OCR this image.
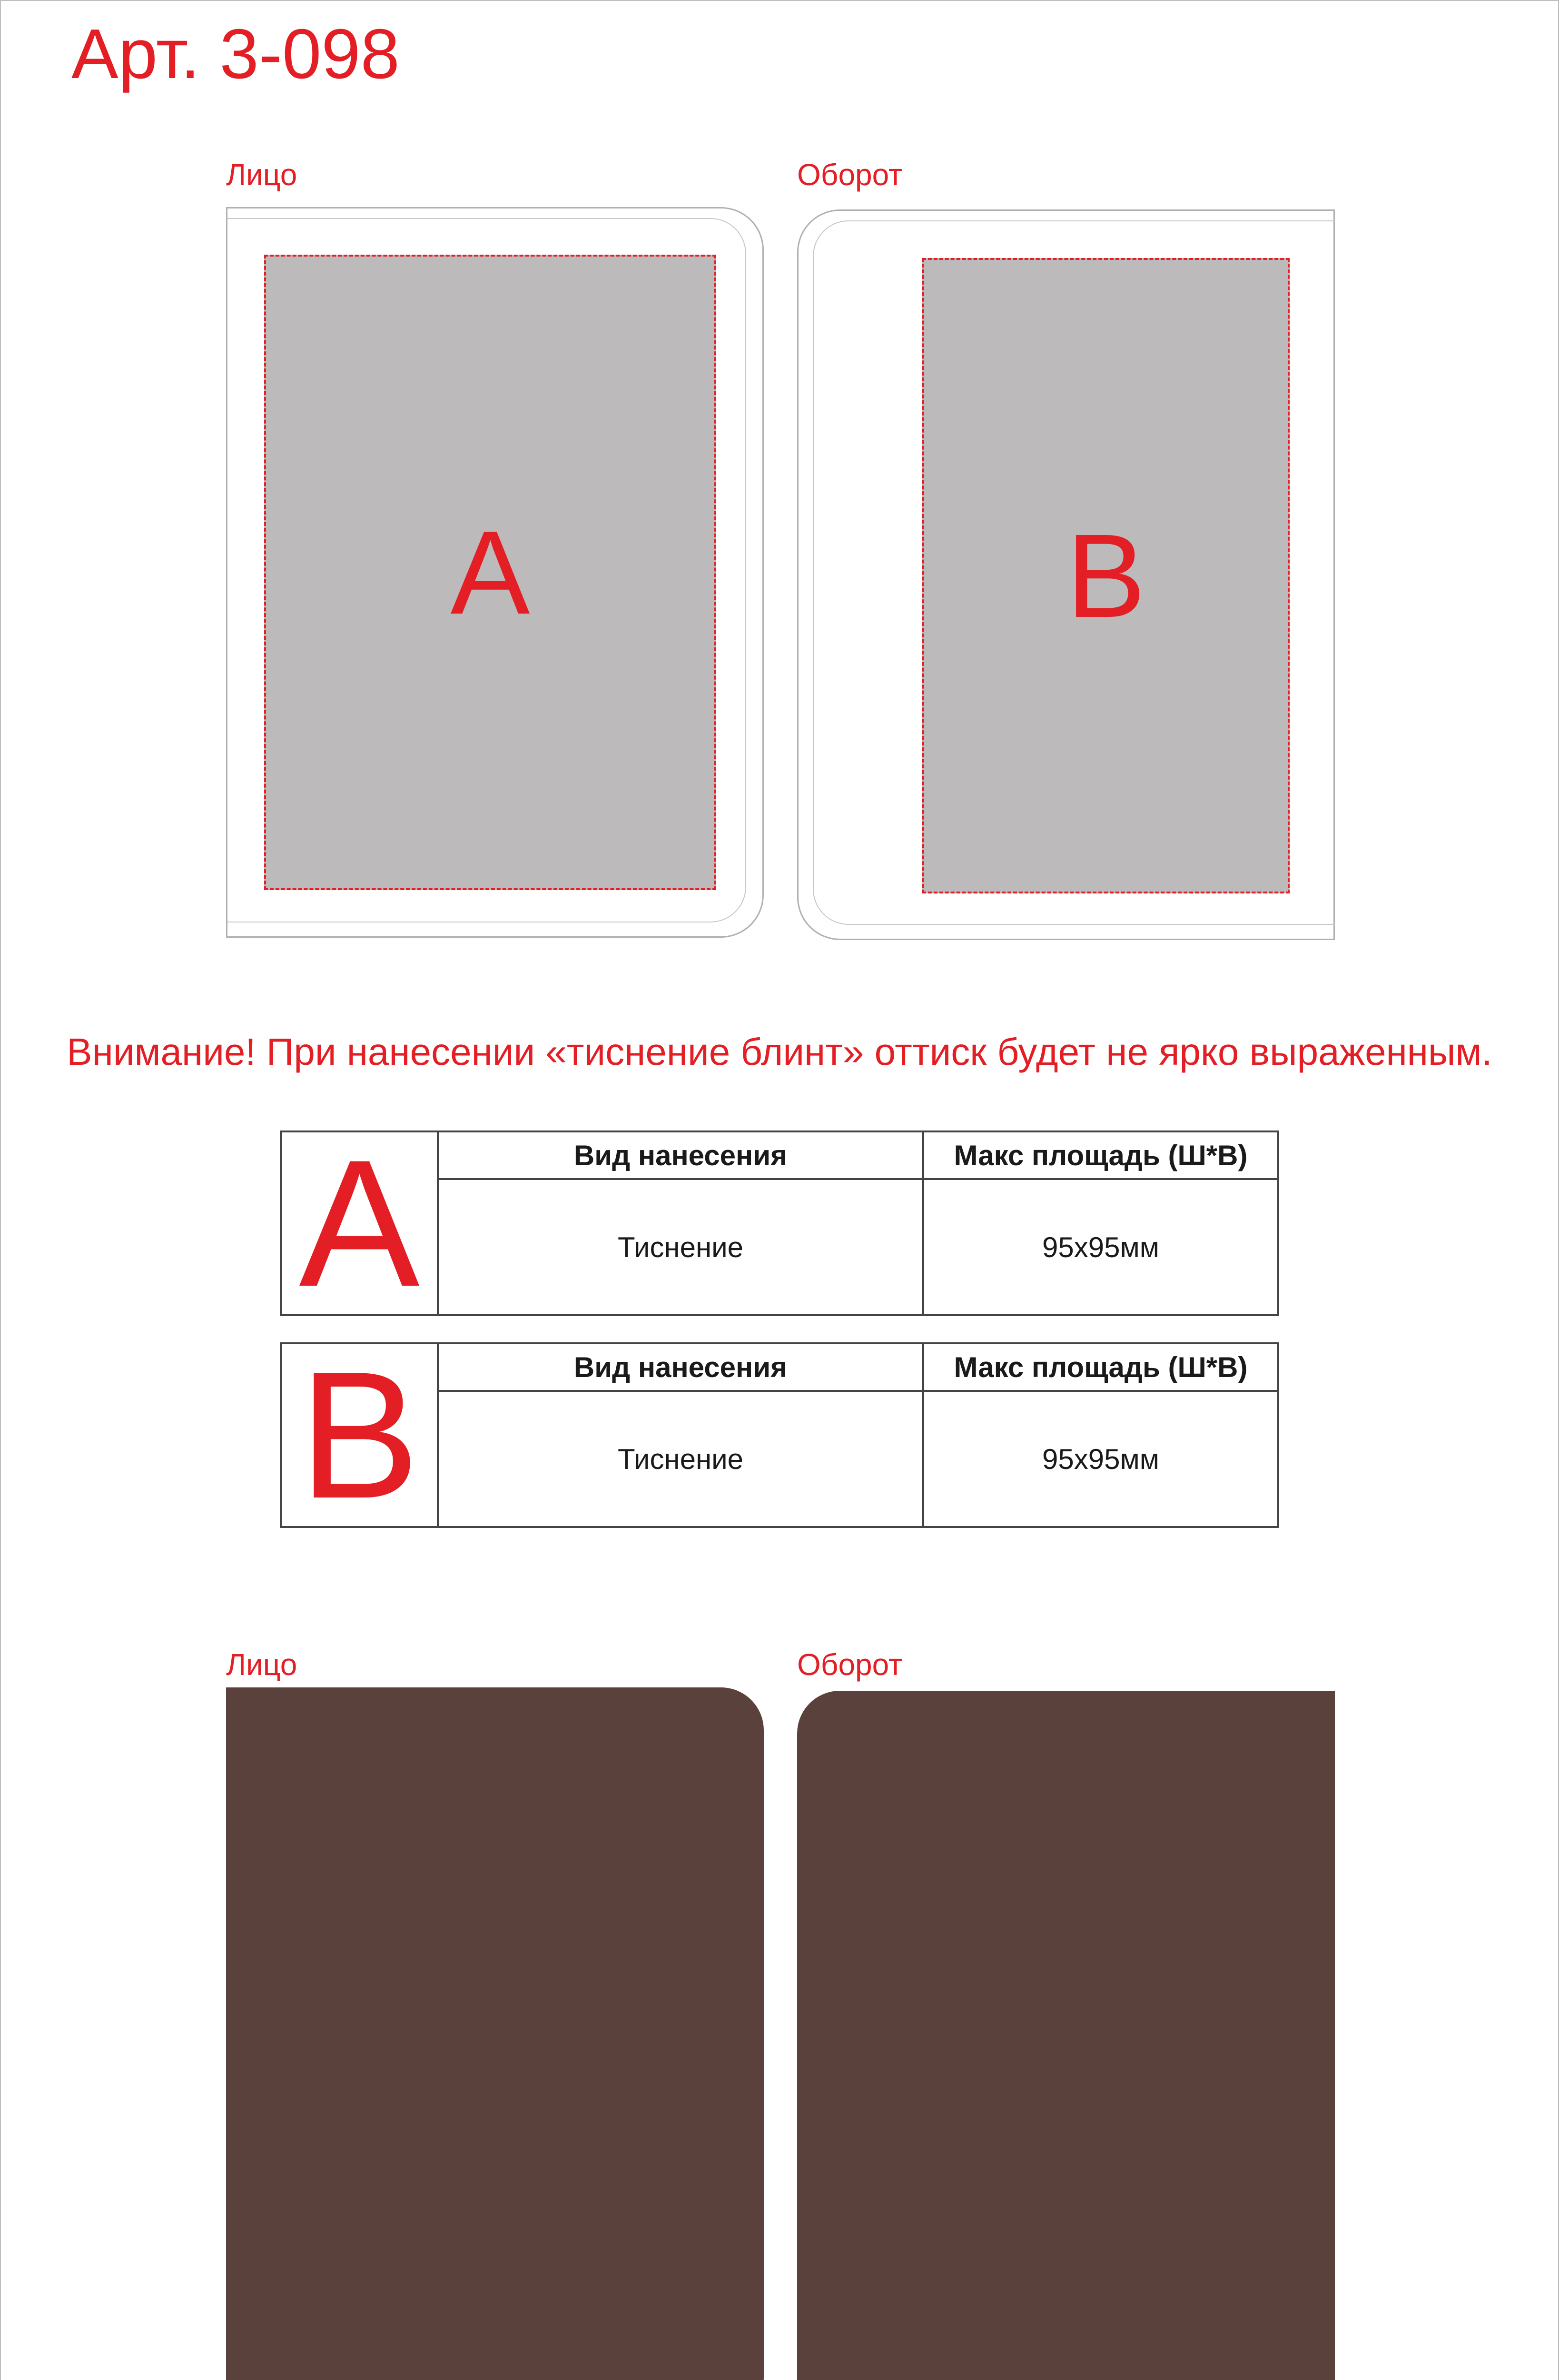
Арт. 3-098
Лицо	Оборот
A	B
Внимание! При нанесении «тиснение блинт» оттиск будет не ярко выраженным.
A	Вид нанесения	Макс площадь (Ш*В)
Тиснение	95x95мм
B	Вид нанесения	Макс площадь (Ш*В)
Тиснение	95x95мм
Лицо	Оборот
